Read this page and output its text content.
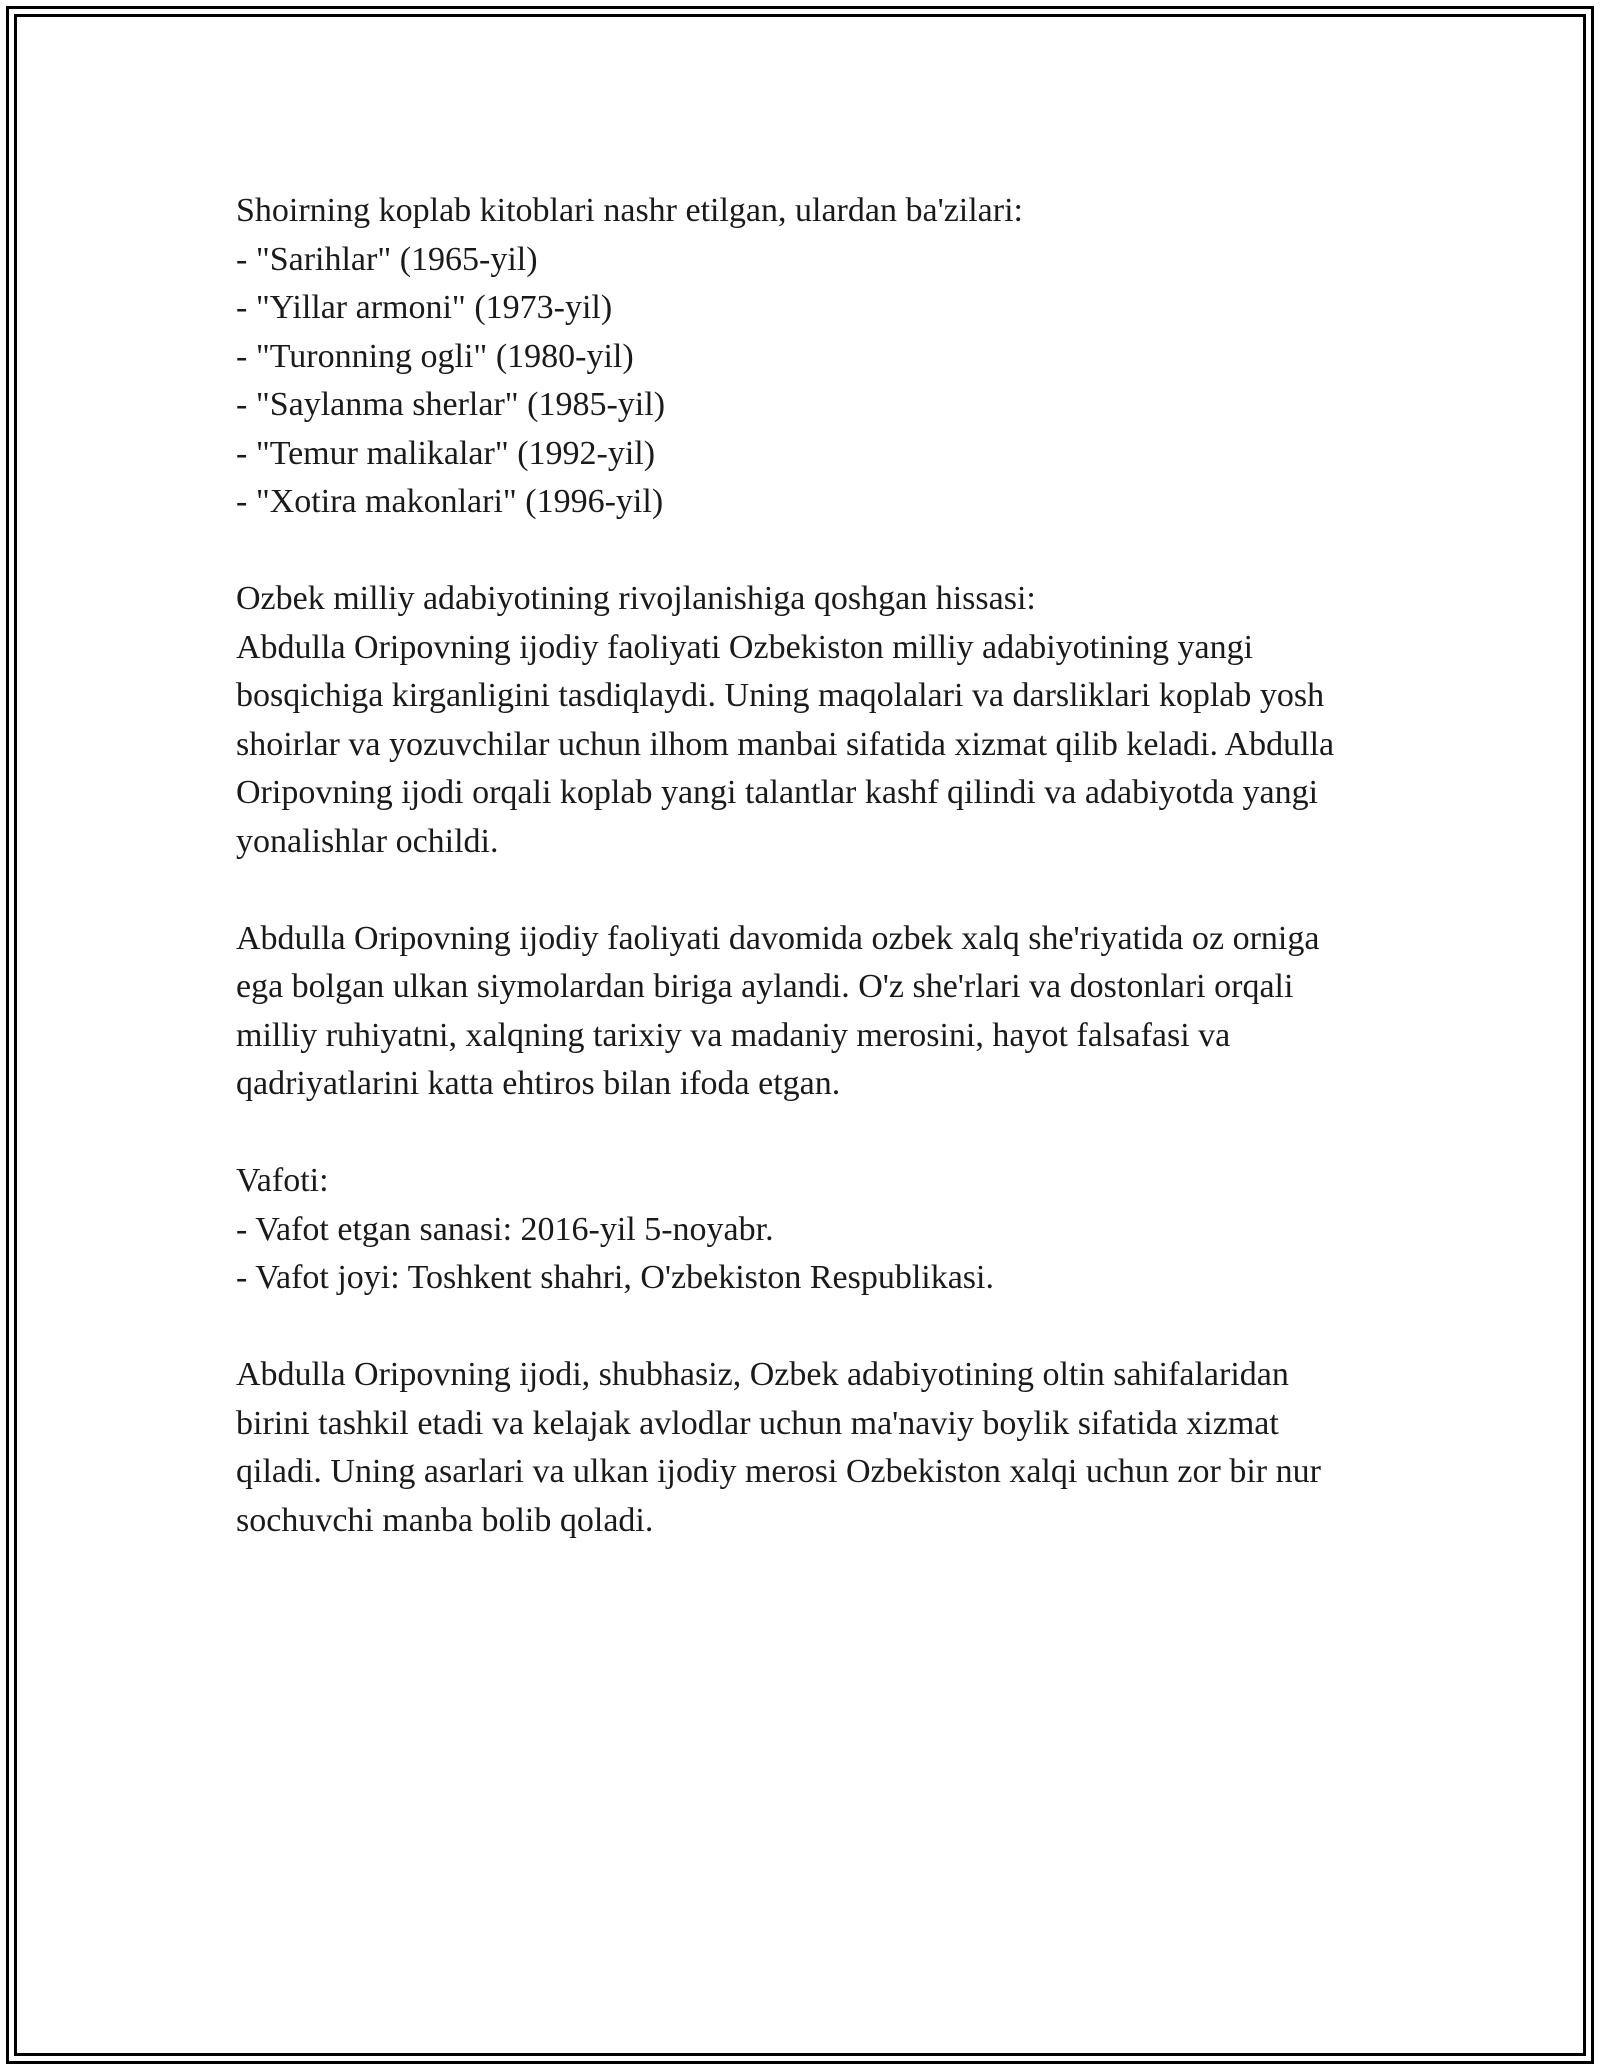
Shoirning koplab kitoblari nashr etilgan, ulardan ba'zilari:
- "Sarihlar" (1965-yil)
- "Yillar armoni" (1973-yil)
- "Turonning ogli" (1980-yil)
- "Saylanma sherlar" (1985-yil)
- "Temur malikalar" (1992-yil)
- "Xotira makonlari" (1996-yil)
Ozbek milliy adabiyotining rivojlanishiga qoshgan hissasi:

Abdulla Oripovning ijodiy faoliyati Ozbekiston milliy adabiyotining yangi bosqichiga kirganligini tasdiqlaydi. Uning maqolalari va darsliklari koplab yosh shoirlar va yozuvchilar uchun ilhom manbai sifatida xizmat qilib keladi. Abdulla Oripovning ijodi orqali koplab yangi talantlar kashf qilindi va adabiyotda yangi yonalishlar ochildi.

Abdulla Oripovning ijodiy faoliyati davomida ozbek xalq she'riyatida oz orniga ega bolgan ulkan siymolardan biriga aylandi. O'z she'rlari va dostonlari orqali milliy ruhiyatni, xalqning tarixiy va madaniy merosini, hayot falsafasi va qadriyatlarini katta ehtiros bilan ifoda etgan.

Vafoti:
- Vafot etgan sanasi: 2016-yil 5-noyabr.
- Vafot joyi: Toshkent shahri, O'zbekiston Respublikasi.

Abdulla Oripovning ijodi, shubhasiz, Ozbek adabiyotining oltin sahifalaridan birini tashkil etadi va kelajak avlodlar uchun ma'naviy boylik sifatida xizmat qiladi. Uning asarlari va ulkan ijodiy merosi Ozbekiston xalqi uchun zor bir nur sochuvchi manba bolib qoladi.
